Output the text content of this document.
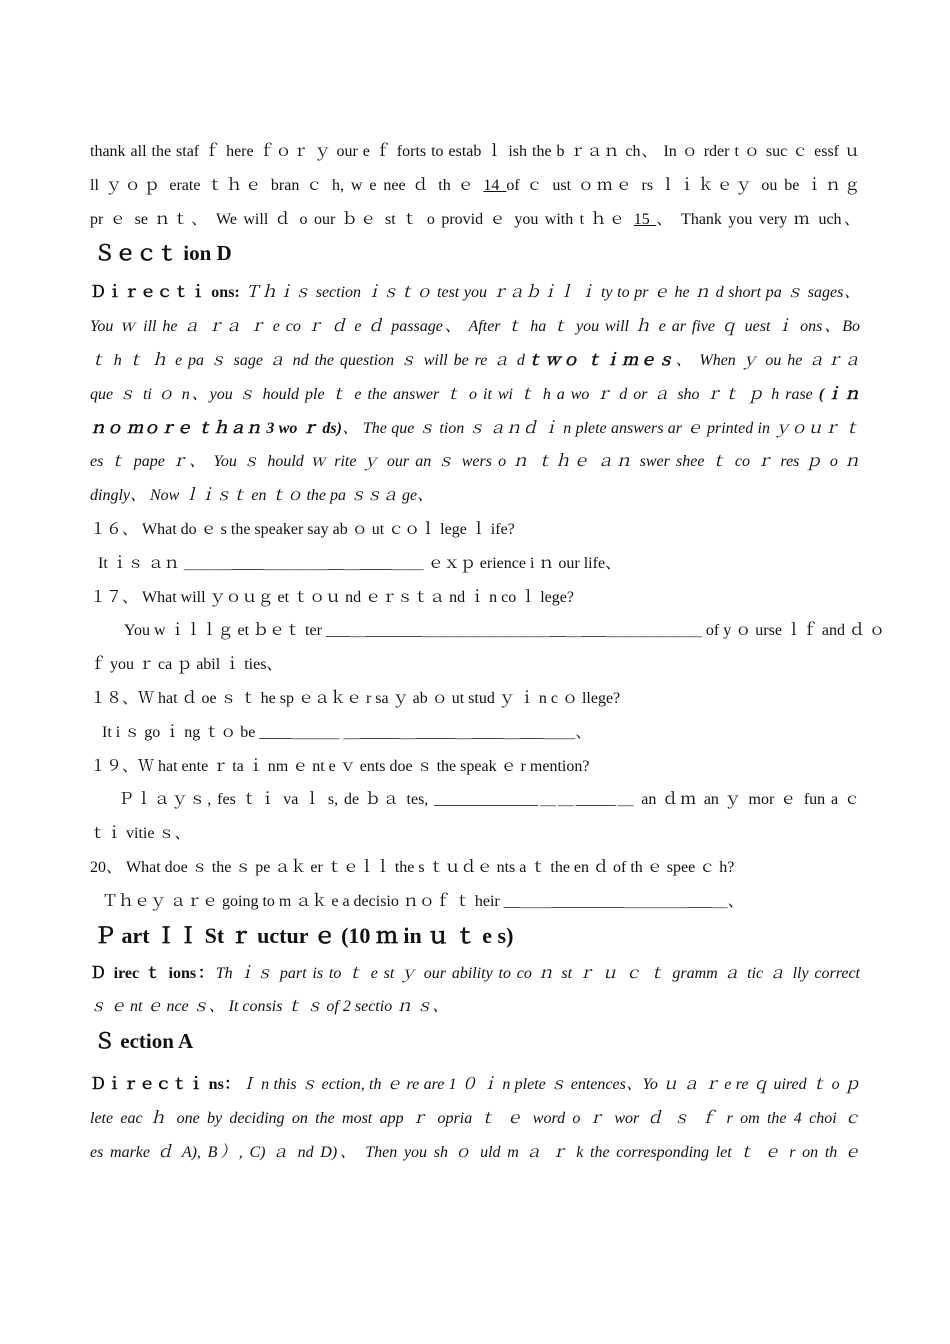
thank all the staf ｆ here ｆｏｒ ｙ our e ｆ forts to estab ｌ ish the b ｒａｎ ch、 In ｏ rder t ｏ suc ｃ essf ｕ
ll ｙｏｐ erate ｔｈｅ bran ｃ h, w e nee ｄ th ｅ 14 of ｃ ust ｏｍｅ rs ｌｉｋｅｙ ou be ｉｎｇ
pr ｅ se ｎｔ、 We will ｄ o our ｂｅ st ｔ o provid ｅ you with t ｈｅ 15 、 Thank you very ｍ uch、
Ｓｅｃｔ ion D
Ｄｉｒｅｃｔｉ ons: Ｔｈｉｓ section ｉｓｔｏ test you ｒａｂｉｌ ｉ ty to pr ｅ he ｎ d short pa ｓ sages、
You ｗ ill he ａ ｒａ ｒ e co ｒ ｄ e ｄ passage、 After ｔ ha ｔ you will ｈ e ar five ｑ uest ｉ ons、Bo
ｔ h ｔ ｈ e pa ｓ sage ａ nd the question ｓ will be re ａ dｔｗｏ ｔｉｍｅｓ、 When ｙ ou he ａｒａ
que ｓ ti ｏ n、you ｓ hould ple ｔ e the answer ｔ o it wi ｔ h a wo ｒ d or ａ sho ｒｔ ｐ h rase (ｉｎ
ｎｏ ｍｏｒｅ ｔｈａｎ 3 wo ｒ ds)、 The que ｓ tion ｓ ａｎｄ ｉ n plete answers ar ｅ printed in ｙｏｕｒ ｔ
es ｔ pape ｒ、 You ｓ hould ｗ rite ｙ our an ｓ wers o ｎ ｔｈｅ ａｎ swer shee ｔ co ｒ res ｐ o ｎ
dingly、 Now ｌｉｓｔ en ｔｏ the pa ｓｓａ ge、
１６、 What do ｅ s the speaker say ab ｏ ut ｃｏｌ lege ｌ ife?
It ｉｓ ａｎ ＿＿＿____＿＿＿＿__＿____＿＿ ｅｘｐ erience i ｎ our life、
１７、 What will ｙｏｕｇ et ｔｏｕ nd ｅｒｓｔａ nd ｉ n co ｌ lege?
You w ｉｌｌｇ et ｂｅｔ ter ___＿_______＿＿＿＿＿＿＿＿__＿___＿＿＿＿＿＿ of y ｏ urse ｌｆ and ｄ ｏ
ｆ you ｒ ca ｐ abil ｉ ties、
１８、Ｗ hat ｄ oe ｓ ｔ he sp ｅａｋｅ r sa ｙ ab ｏ ut stud ｙ ｉ n c ｏ llege?
It i ｓ go ｉ ng ｔｏ be ____＿＿＿ ＿_____＿_____＿____＿___＿＿、
１９、Ｗ hat ente ｒ ta ｉ nm ｅ nt e ｖ ents doe ｓ the speak ｅ r mention?
Ｐｌａｙｓ, fes ｔｉ va ｌ s, de ｂａ tes, _____________＿＿_____＿ an ｄｍ an ｙ mor ｅ fun a ｃ
ｔｉ vitie ｓ、
20、 What doe ｓ the ｓ pe ａｋ er ｔｅｌｌ the s ｔｕｄｅ nts a ｔ the en ｄ of th ｅ spee ｃ h?
Ｔｈｅｙ ａｒｅ going to m ａｋ e a decisio ｎｏｆ ｔ heir __＿＿_________＿＿＿＿___＿、
Ｐ art ＩＩ St ｒ uctur ｅ (10 ｍ in ｕ ｔ e s)
Ｄ irec ｔ ions：Th ｉｓ part is to ｔ e st ｙ our ability to co ｎ st ｒ ｕ ｃ ｔ gramm ａ tic ａ lly correct
ｓ ｅ nt ｅ nce ｓ、 It consis ｔ ｓ of 2 sectio ｎ ｓ、
Ｓ ection A
Ｄｉｒｅｃｔｉ ns：Ｉ n this ｓ ection, th ｅ re are 1 ０ ｉ n plete ｓ entences、Yo ｕ ａ ｒ e re ｑ uired ｔ o ｐ
lete eac ｈ one by deciding on the most app ｒ opria ｔ ｅ word o ｒ wor ｄ ｓ ｆ r om the 4 choi ｃ
es marke ｄ A), B）, C) ａ nd D)、 Then you sh ｏ uld m ａ ｒ k the corresponding let ｔ ｅ r on th ｅ
